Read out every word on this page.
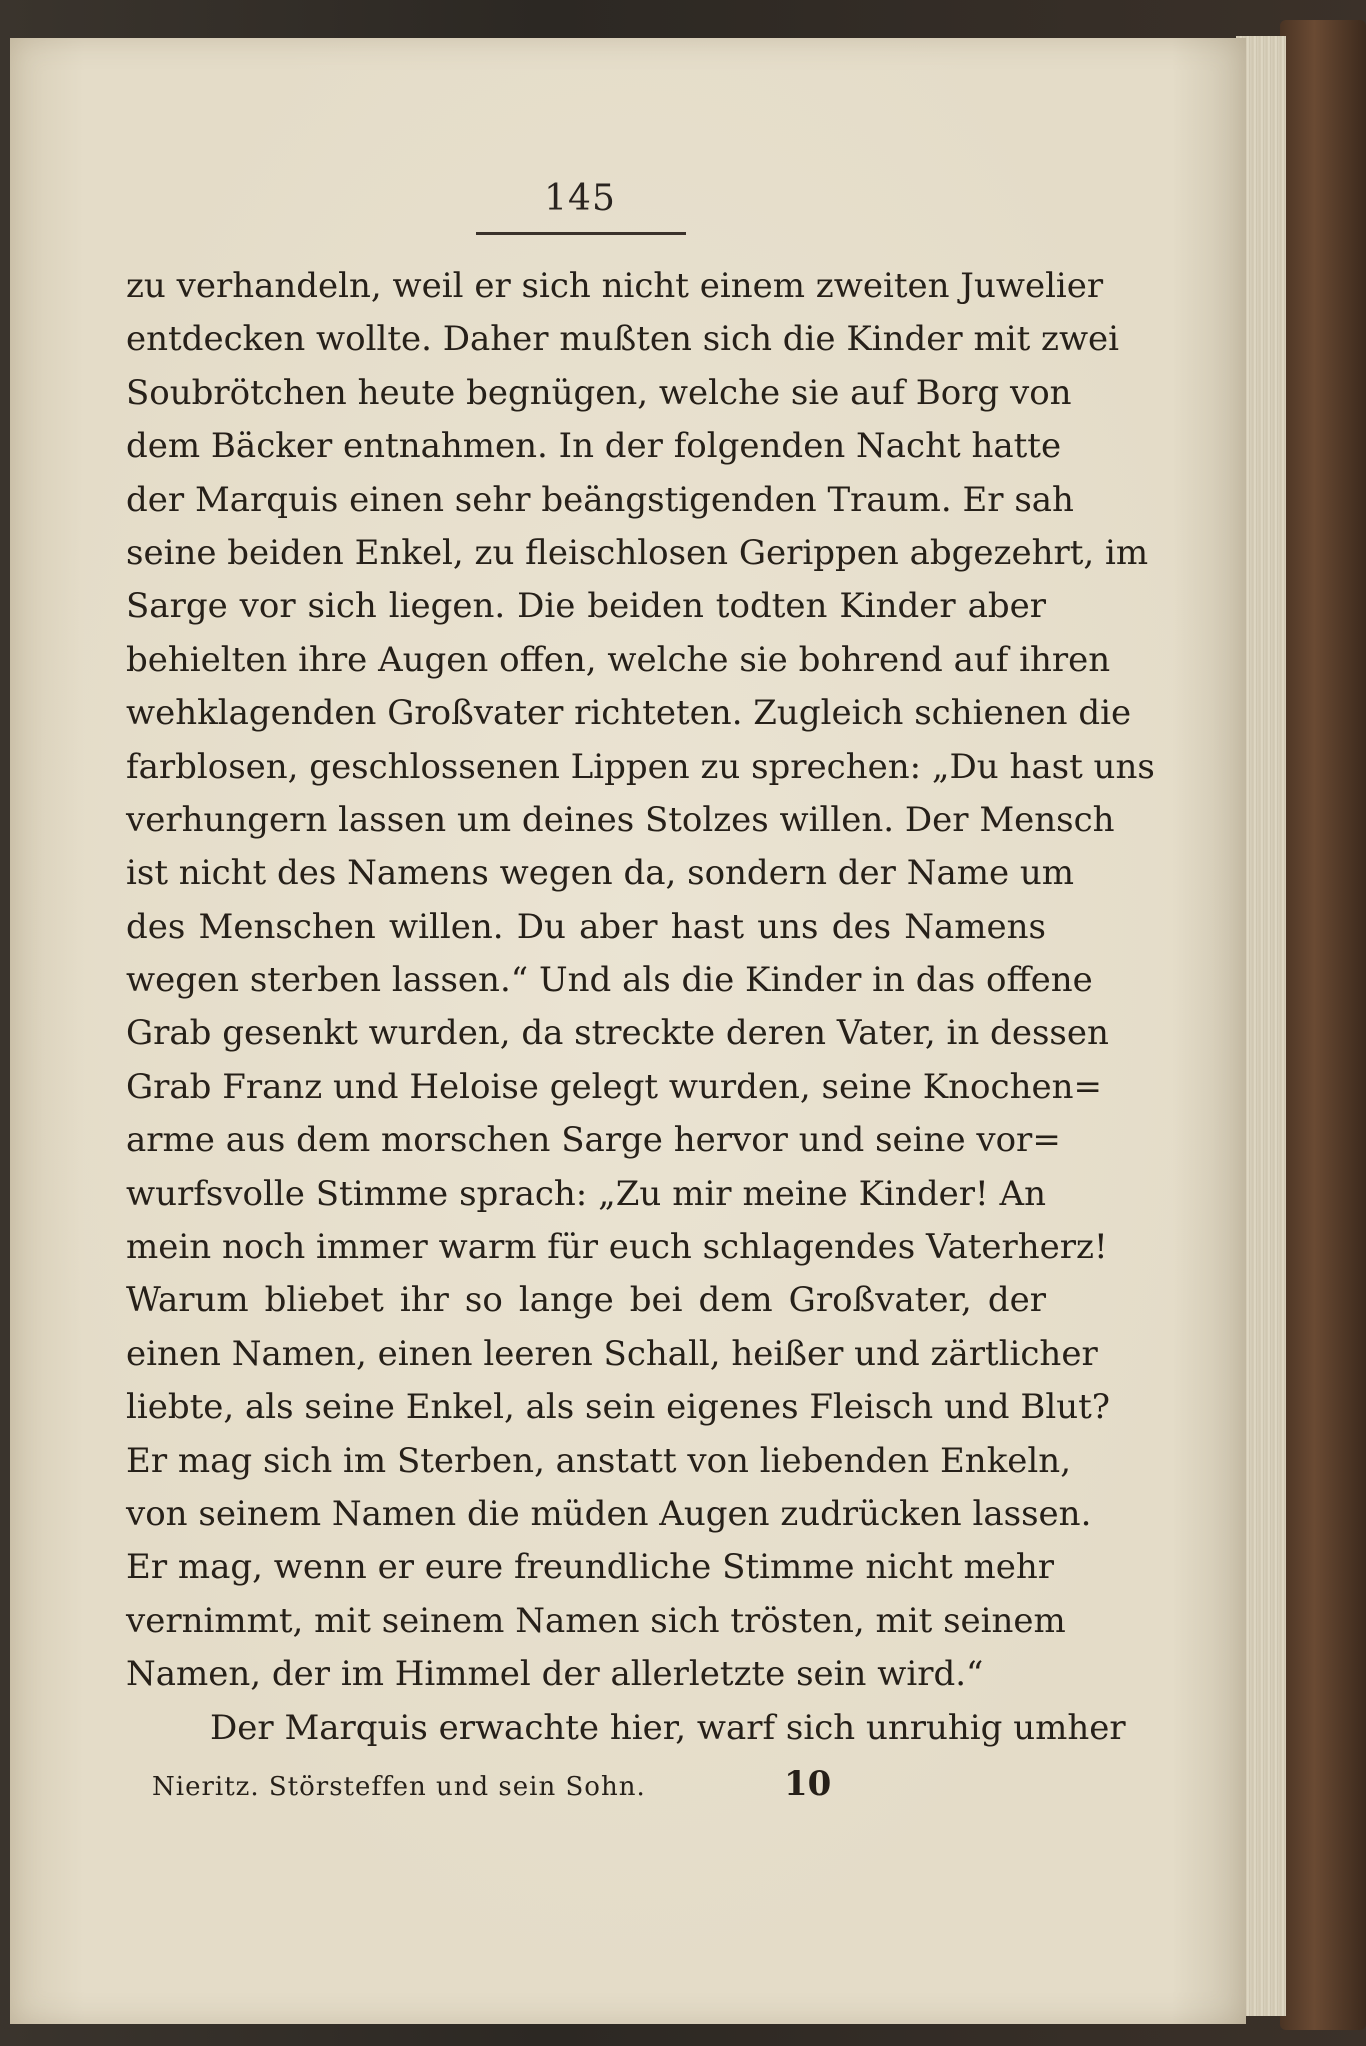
145
zu verhandeln, weil er sich nicht einem zweiten Juwelier
entdecken wollte. Daher mußten sich die Kinder mit zwei
Soubrötchen heute begnügen, welche sie auf Borg von
dem Bäcker entnahmen. In der folgenden Nacht hatte
der Marquis einen sehr beängstigenden Traum. Er sah
seine beiden Enkel, zu fleischlosen Gerippen abgezehrt, im
Sarge vor sich liegen. Die beiden todten Kinder aber
behielten ihre Augen offen, welche sie bohrend auf ihren
wehklagenden Großvater richteten. Zugleich schienen die
farblosen, geschlossenen Lippen zu sprechen: „Du hast uns
verhungern lassen um deines Stolzes willen. Der Mensch
ist nicht des Namens wegen da, sondern der Name um
des Menschen willen. Du aber hast uns des Namens
wegen sterben lassen.“ Und als die Kinder in das offene
Grab gesenkt wurden, da streckte deren Vater, in dessen
Grab Franz und Heloise gelegt wurden, seine Knochen=
arme aus dem morschen Sarge hervor und seine vor=
wurfsvolle Stimme sprach: „Zu mir meine Kinder! An
mein noch immer warm für euch schlagendes Vaterherz!
Warum bliebet ihr so lange bei dem Großvater, der
einen Namen, einen leeren Schall, heißer und zärtlicher
liebte, als seine Enkel, als sein eigenes Fleisch und Blut?
Er mag sich im Sterben, anstatt von liebenden Enkeln,
von seinem Namen die müden Augen zudrücken lassen.
Er mag, wenn er eure freundliche Stimme nicht mehr
vernimmt, mit seinem Namen sich trösten, mit seinem
Namen, der im Himmel der allerletzte sein wird.“
Der Marquis erwachte hier, warf sich unruhig umher
Nieritz. Störsteffen und sein Sohn.	10
